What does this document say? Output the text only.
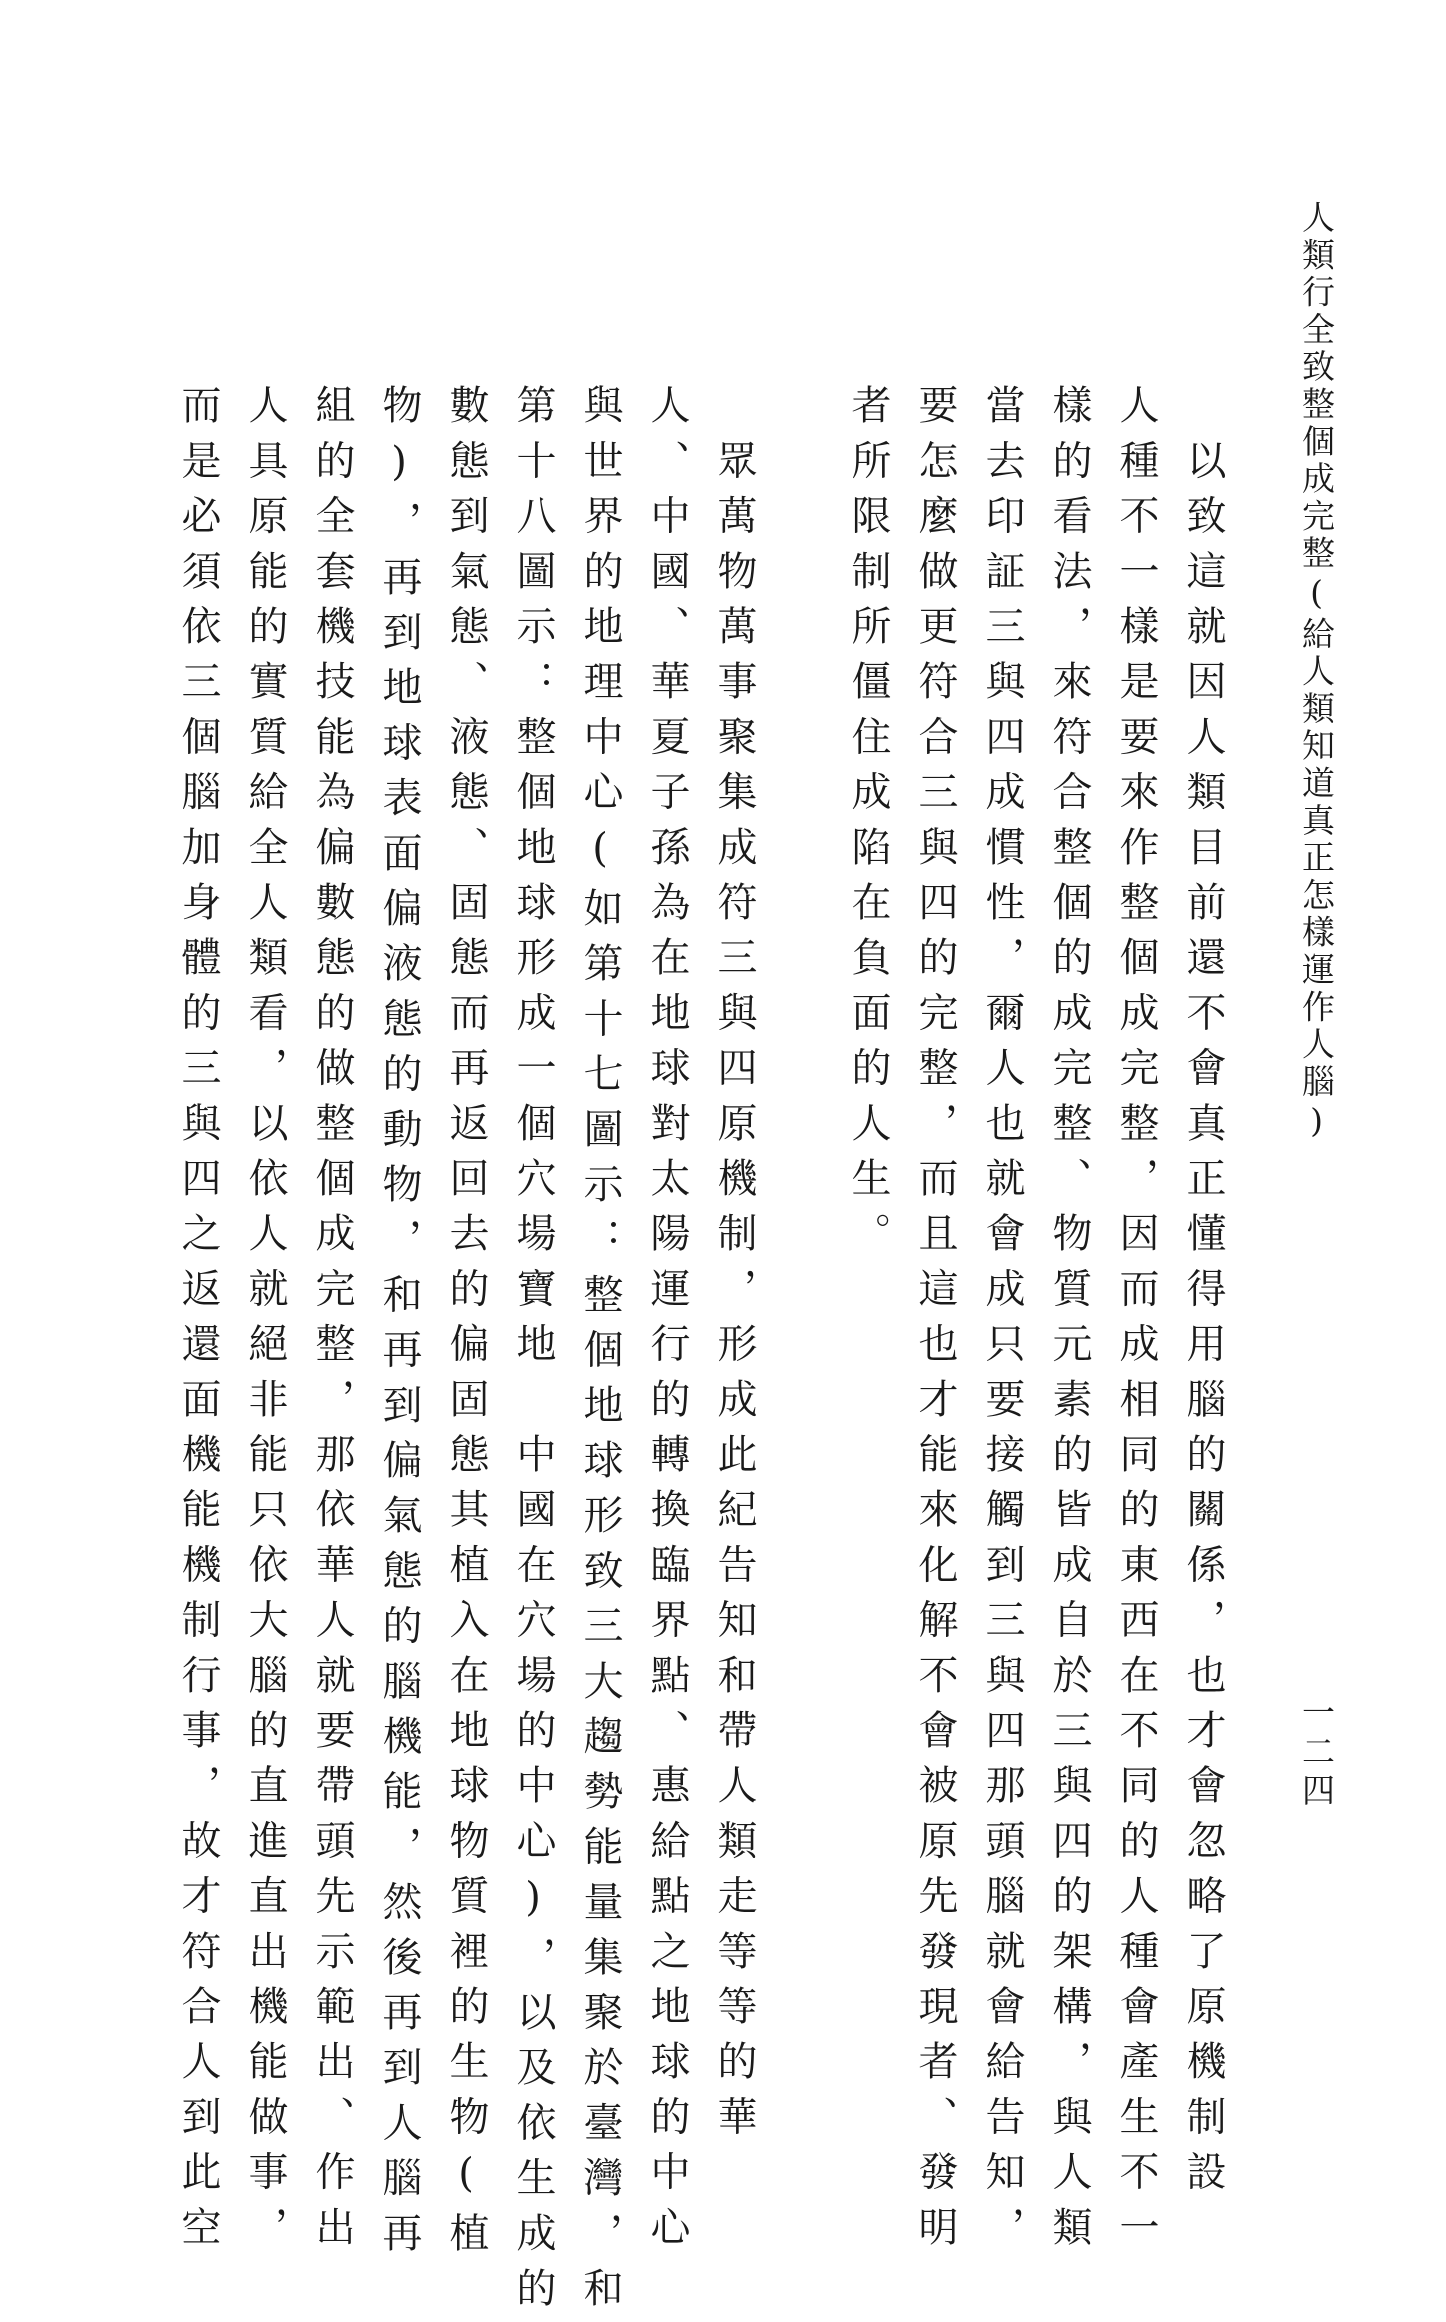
人類行全致整個成完整(給人類知道真正怎樣運作人腦)
一二四

　以致這就因人類目前還不會真正懂得用腦的關係，也才會忽略了原機制設

人種不一樣是要來作整個成完整，因而成相同的東西在不同的人種會產生不一

樣的看法，來符合整個的成完整、物質元素的皆成自於三與四的架構，與人類

當去印証三與四成慣性，爾人也就會成只要接觸到三與四那頭腦就會給告知，

要怎麼做更符合三與四的完整，而且這也才能來化解不會被原先發現者、發明

者所限制所僵住成陷在負面的人生。

　眾萬物萬事聚集成符三與四原機制，形成此紀告知和帶人類走等等的華

人、中國、華夏子孫為在地球對太陽運行的轉換臨界點、惠給點之地球的中心

與世界的地理中心(如第十七圖示：整個地球形致三大趨勢能量集聚於臺灣，和

第十八圖示：整個地球形成一個穴場寶地　中國在穴場的中心)，以及依生成的

數態到氣態、液態、固態而再返回去的偏固態其植入在地球物質裡的生物(植

物)，再到地球表面偏液態的動物，和再到偏氣態的腦機能，然後再到人腦再

組的全套機技能為偏數態的做整個成完整，那依華人就要帶頭先示範出、作出

人具原能的實質給全人類看，以依人就絕非能只依大腦的直進直出機能做事，

而是必須依三個腦加身體的三與四之返還面機能機制行事，故才符合人到此空
